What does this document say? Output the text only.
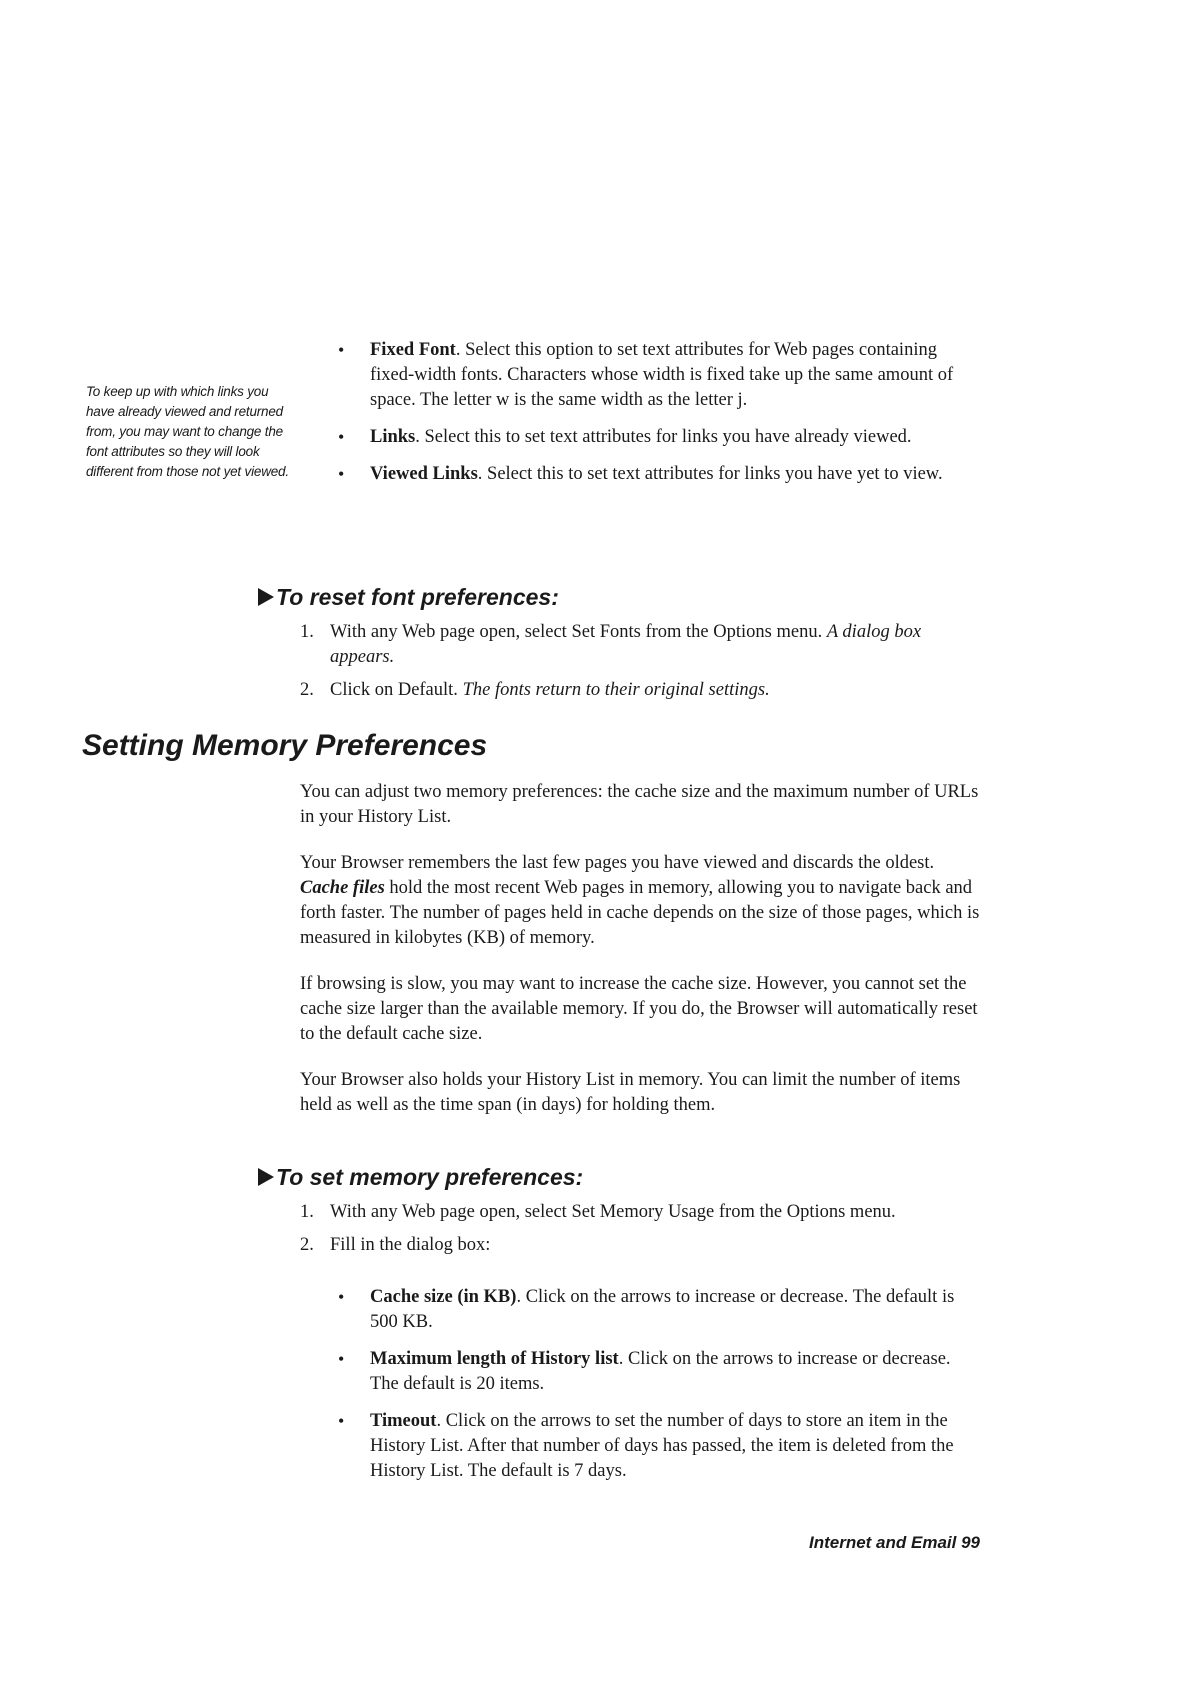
To keep up with which links you have already viewed and returned from, you may want to change the font attributes so they will look different from those not yet viewed.
• Fixed Font. Select this option to set text attributes for Web pages containing fixed-width fonts. Characters whose width is fixed take up the same amount of space. The letter w is the same width as the letter j.
• Links. Select this to set text attributes for links you have already viewed.
• Viewed Links. Select this to set text attributes for links you have yet to view.
To reset font preferences:
1. With any Web page open, select Set Fonts from the Options menu. A dialog box appears.
2. Click on Default. The fonts return to their original settings.
Setting Memory Preferences

You can adjust two memory preferences: the cache size and the maximum number of URLs in your History List.

Your Browser remembers the last few pages you have viewed and discards the oldest. Cache files hold the most recent Web pages in memory, allowing you to navigate back and forth faster. The number of pages held in cache depends on the size of those pages, which is measured in kilobytes (KB) of memory.

If browsing is slow, you may want to increase the cache size. However, you cannot set the cache size larger than the available memory. If you do, the Browser will automatically reset to the default cache size.

Your Browser also holds your History List in memory. You can limit the number of items held as well as the time span (in days) for holding them.

To set memory preferences:
1. With any Web page open, select Set Memory Usage from the Options menu.
2. Fill in the dialog box:
• Cache size (in KB). Click on the arrows to increase or decrease. The default is 500 KB.
• Maximum length of History list. Click on the arrows to increase or decrease. The default is 20 items.
• Timeout. Click on the arrows to set the number of days to store an item in the History List. After that number of days has passed, the item is deleted from the History List. The default is 7 days.
Internet and Email 99
